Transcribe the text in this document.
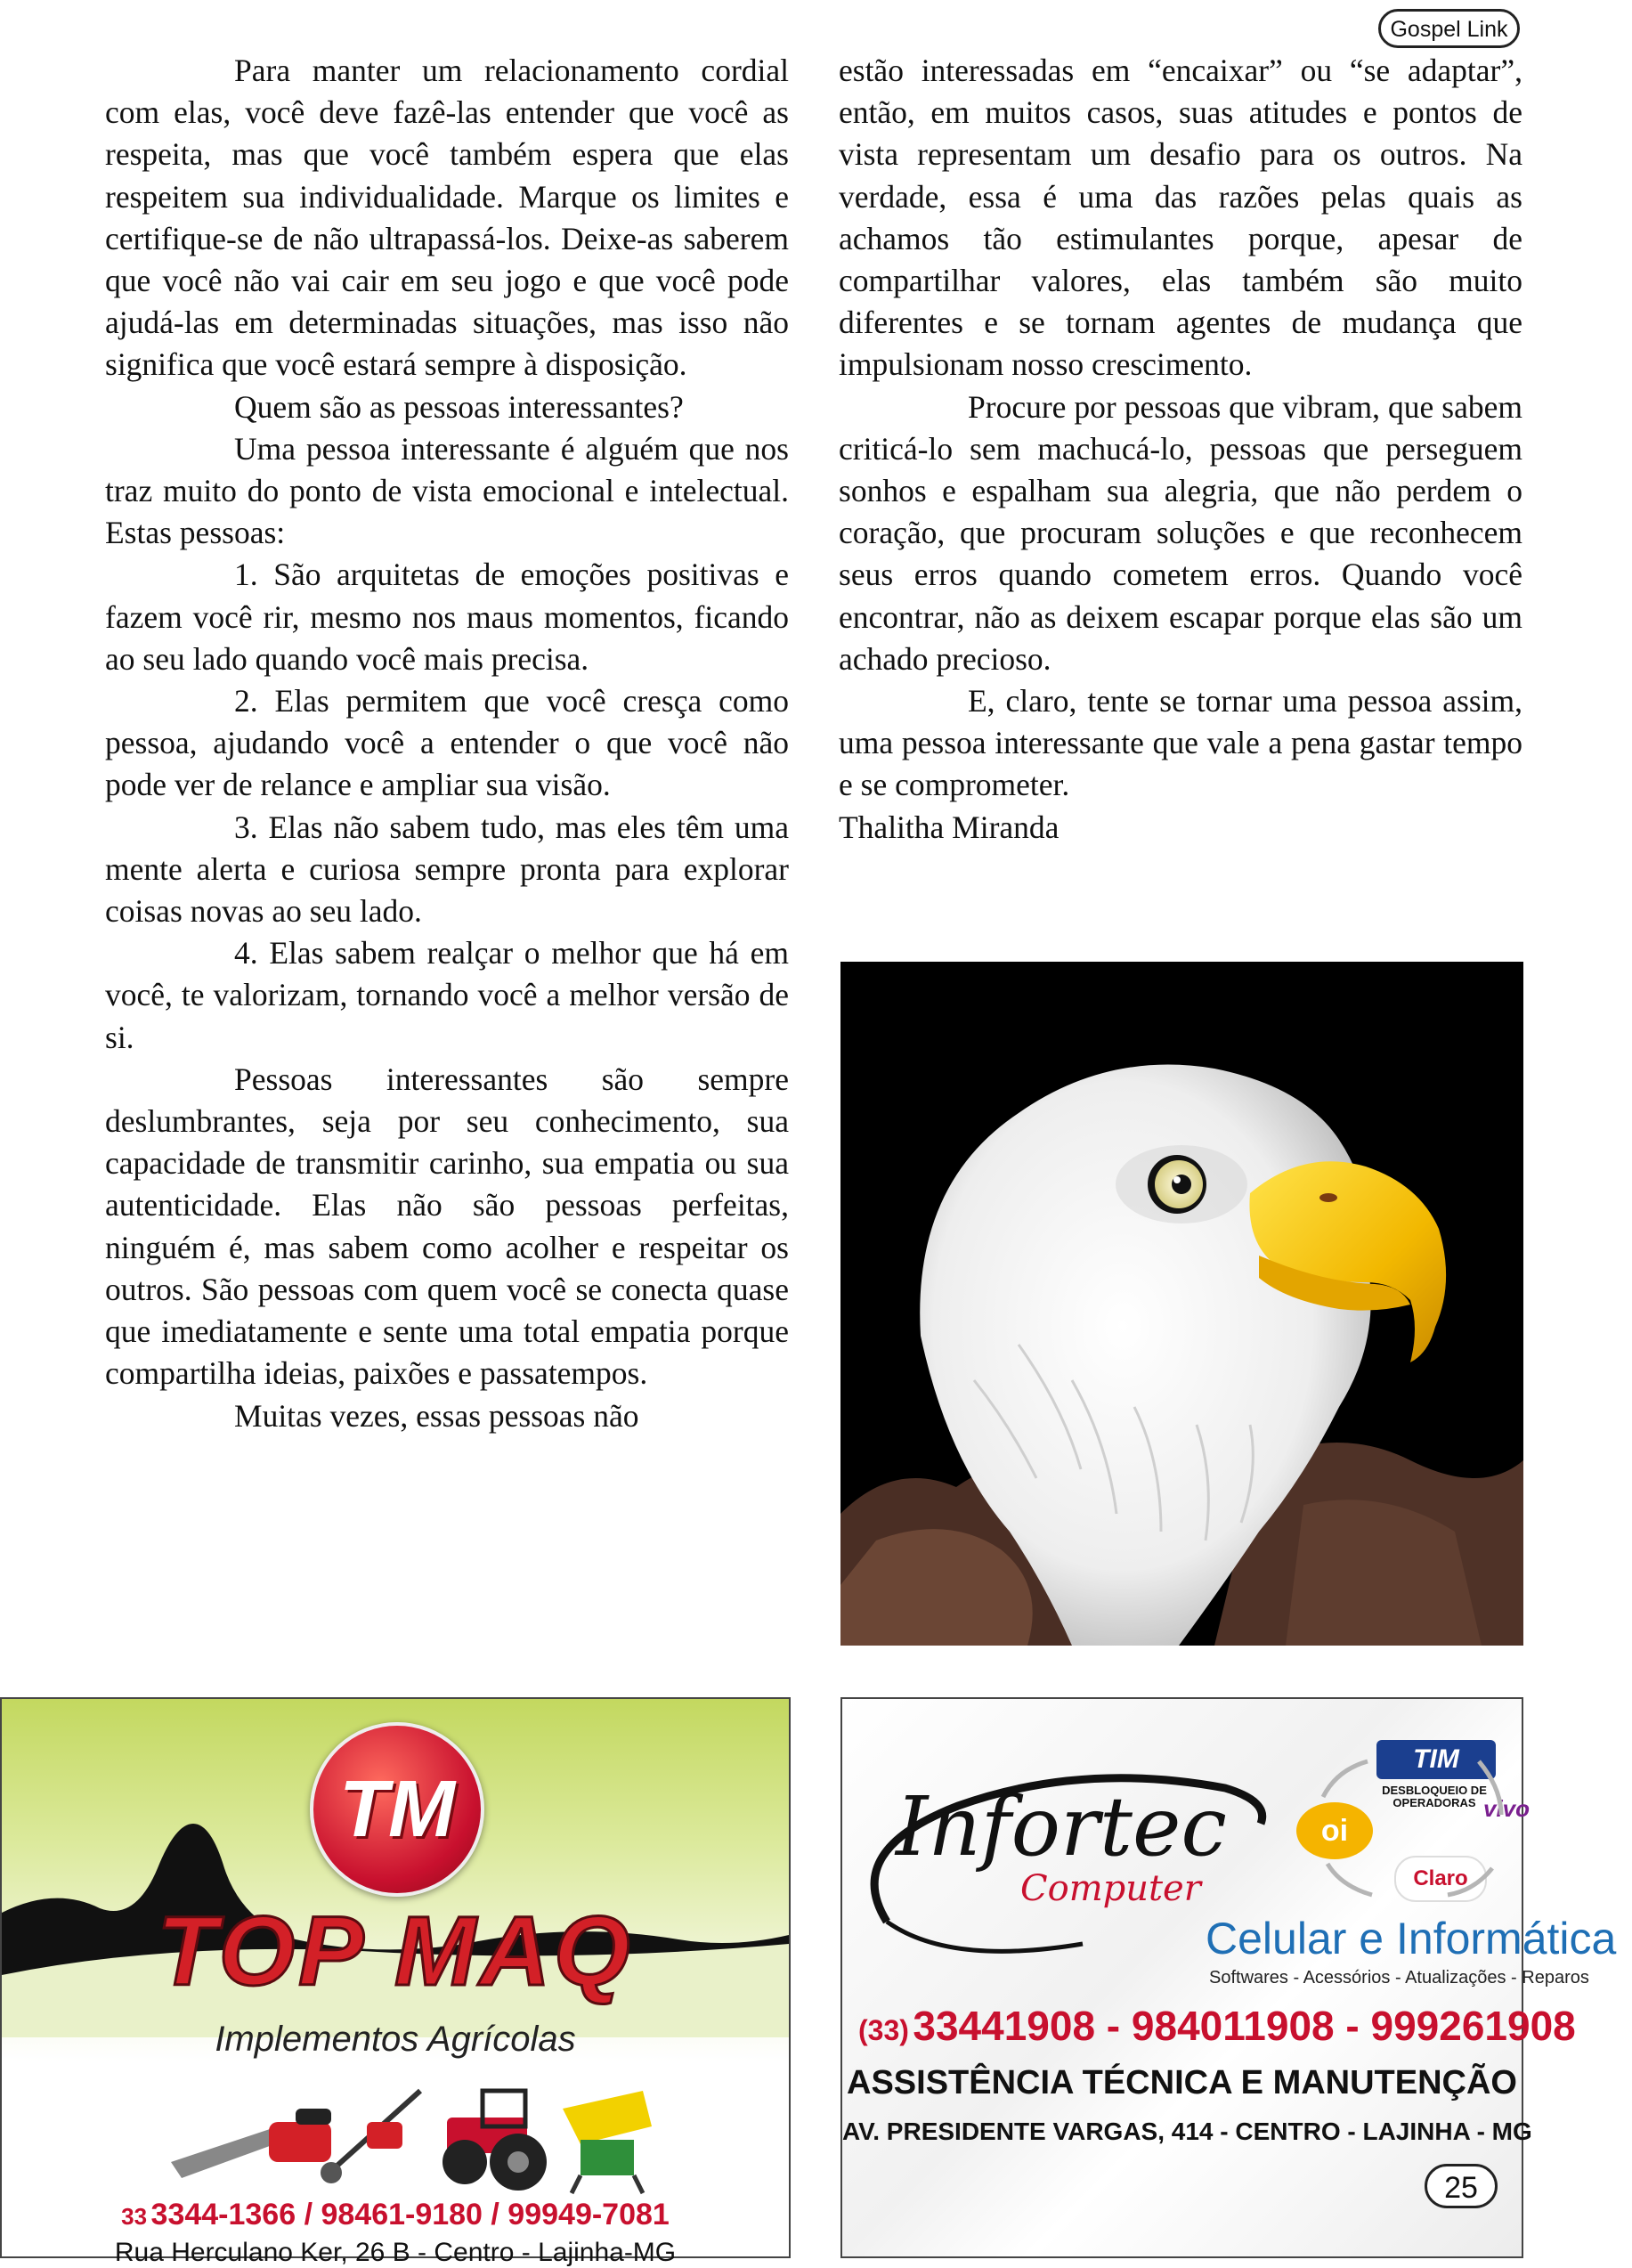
Gospel Link

Para manter um relacionamento cordial com elas, você deve fazê-las entender que você as respeita, mas que você também espera que elas respeitem sua individualidade. Marque os limites e certifique-se de não ultrapassá-los. Deixe-as saberem que você não vai cair em seu jogo e que você pode ajudá-las em determinadas situações, mas isso não significa que você estará sempre à disposição.

Quem são as pessoas interessantes?

Uma pessoa interessante é alguém que nos traz muito do ponto de vista emocional e intelectual. Estas pessoas:

1. São arquitetas de emoções positivas e fazem você rir, mesmo nos maus momentos, ficando ao seu lado quando você mais precisa.

2. Elas permitem que você cresça como pessoa, ajudando você a entender o que você não pode ver de relance e ampliar sua visão.

3. Elas não sabem tudo, mas eles têm uma mente alerta e curiosa sempre pronta para explorar coisas novas ao seu lado.

4. Elas sabem realçar o melhor que há em você, te valorizam, tornando você a melhor versão de si.

Pessoas interessantes são sempre deslumbrantes, seja por seu conhecimento, sua capacidade de transmitir carinho, sua empatia ou sua autenticidade. Elas não são pessoas perfeitas, ninguém é, mas sabem como acolher e respeitar os outros. São pessoas com quem você se conecta quase que imediatamente e sente uma total empatia porque compartilha ideias, paixões e passatempos.

Muitas vezes, essas pessoas não

estão interessadas em “encaixar” ou “se adaptar”, então, em muitos casos, suas atitudes e pontos de vista representam um desafio para os outros. Na verdade, essa é uma das razões pelas quais as achamos tão estimulantes porque, apesar de compartilhar valores, elas também são muito diferentes e se tornam agentes de mudança que impulsionam nosso crescimento.

Procure por pessoas que vibram, que sabem criticá-lo sem machucá-lo, pessoas que perseguem sonhos e espalham sua alegria, que não perdem o coração, que procuram soluções e que reconhecem seus erros quando cometem erros. Quando você encontrar, não as deixem escapar porque elas são um achado precioso.

E, claro, tente se tornar uma pessoa assim, uma pessoa interessante que vale a pena gastar tempo e se comprometer.

Thalitha Miranda

TM
TOP MAQ
Implementos Agrícolas
33 3344-1366 / 98461-9180 / 99949-7081
Rua Herculano Ker, 26 B - Centro - Lajinha-MG
Infortec
Computer
TIM
DESBLOQUEIO DE OPERADORAS
oi
Claro
vivo
Celular e Informática
Softwares - Acessórios - Atualizações - Reparos
(33) 33441908 - 984011908 - 999261908
ASSISTÊNCIA TÉCNICA E MANUTENÇÃO
AV. PRESIDENTE VARGAS, 414 - CENTRO - LAJINHA - MG
25
